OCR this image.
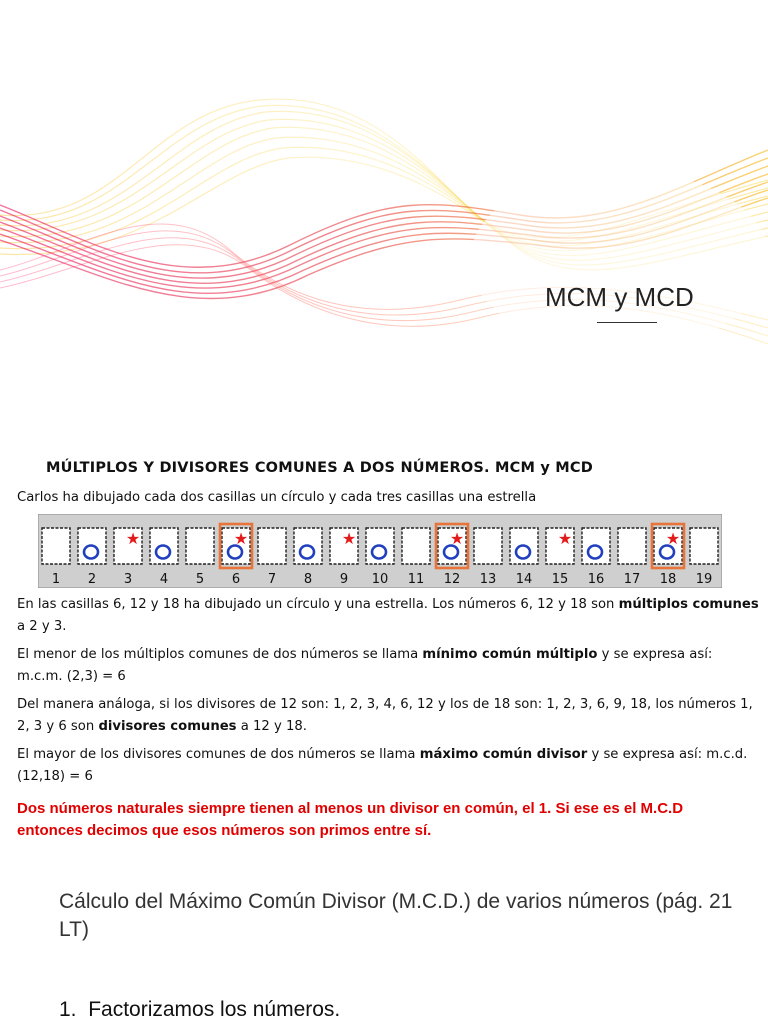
MCM y MCD
MÚLTIPLOS Y DIVISORES COMUNES A DOS NÚMEROS. MCM y MCD
Carlos ha dibujado cada dos casillas un círculo y cada tres casillas una estrella
1 2
★
3 4 5
★
6 7 8
★
9 10 11
★
12 13 14
★
15 16 17
★
18 19
En las casillas 6, 12 y 18 ha dibujado un círculo y una estrella. Los números 6, 12 y 18 son múltiplos comunes a 2 y 3.
El menor de los múltiplos comunes de dos números se llama mínimo común múltiplo y se expresa así: m.c.m. (2,3) = 6
Del manera análoga, si los divisores de 12 son: 1, 2, 3, 4, 6, 12 y los de 18 son: 1, 2, 3, 6, 9, 18, los números 1, 2, 3 y 6 son divisores comunes a 12 y 18.
El mayor de los divisores comunes de dos números se llama máximo común divisor y se expresa así: m.c.d. (12,18) = 6
Dos números naturales siempre tienen al menos un divisor en común, el 1. Si ese es el M.C.D entonces decimos que esos números son primos entre sí.
Cálculo del Máximo Común Divisor (M.C.D.) de varios números (pág. 21 LT)
1. Factorizamos los números.
